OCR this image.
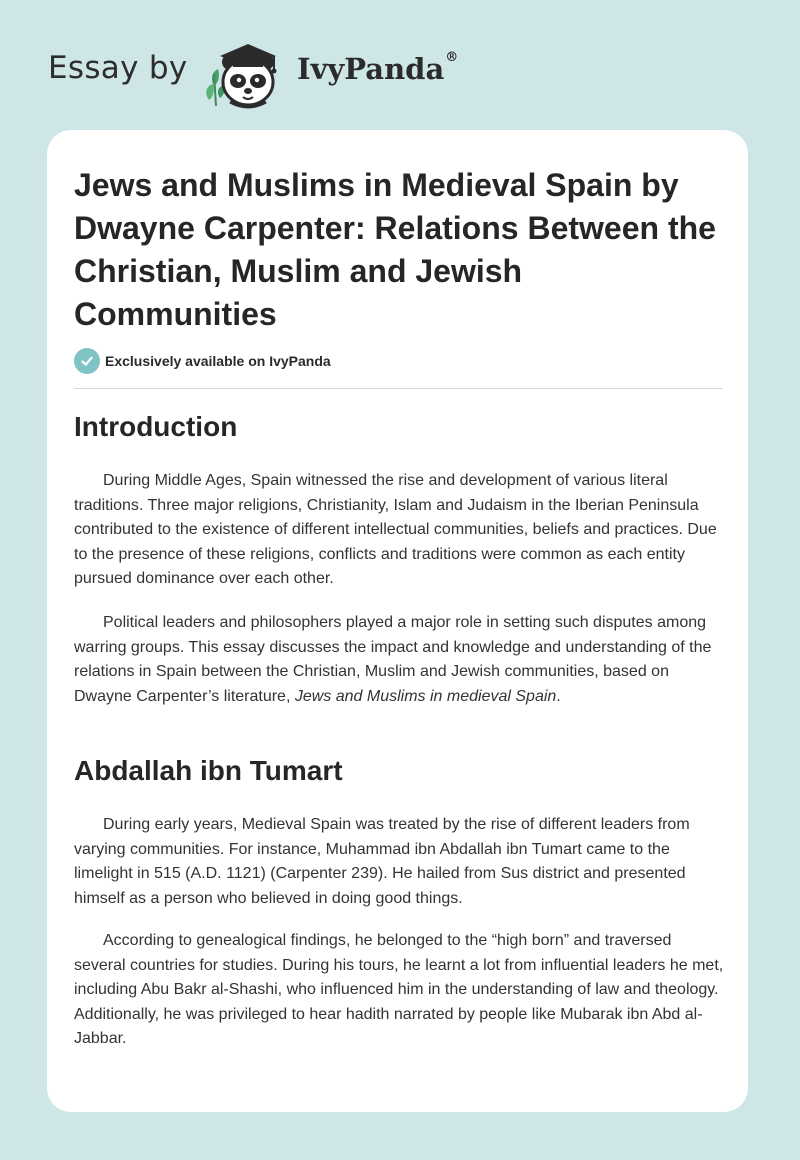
Essay by	IvyPanda®
Jews and Muslims in Medieval Spain by Dwayne Carpenter: Relations Between the Christian, Muslim and Jewish Communities
Exclusively available on IvyPanda
Introduction

During Middle Ages, Spain witnessed the rise and development of various literal traditions. Three major religions, Christianity, Islam and Judaism in the Iberian Peninsula contributed to the existence of different intellectual communities, beliefs and practices. Due to the presence of these religions, conflicts and traditions were common as each entity pursued dominance over each other.

Political leaders and philosophers played a major role in setting such disputes among warring groups. This essay discusses the impact and knowledge and understanding of the relations in Spain between the Christian, Muslim and Jewish communities, based on Dwayne Carpenter’s literature, Jews and Muslims in medieval Spain.

Abdallah ibn Tumart

During early years, Medieval Spain was treated by the rise of different leaders from varying communities. For instance, Muhammad ibn Abdallah ibn Tumart came to the limelight in 515 (A.D. 1121) (Carpenter 239). He hailed from Sus district and presented himself as a person who believed in doing good things.

According to genealogical findings, he belonged to the “high born” and traversed several countries for studies. During his tours, he learnt a lot from influential leaders he met, including Abu Bakr al-Shashi, who influenced him in the understanding of law and theology. Additionally, he was privileged to hear hadith narrated by people like Mubarak ibn Abd al-Jabbar.
